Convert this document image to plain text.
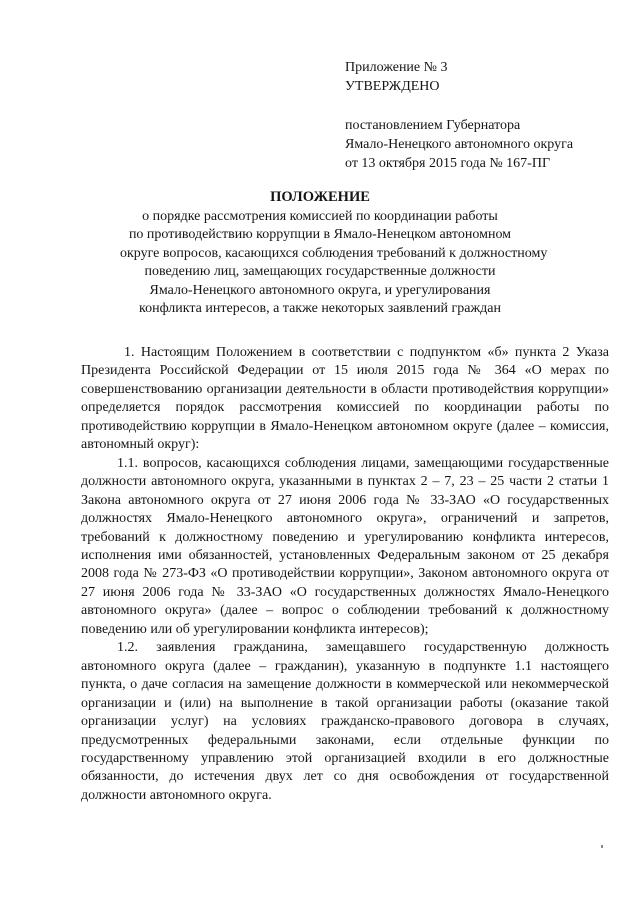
Приложение № 3
УТВЕРЖДЕНО
постановлением Губернатора
Ямало-Ненецкого автономного округа
от 13 октября 2015 года № 167-ПГ
ПОЛОЖЕНИЕ
о порядке рассмотрения комиссией по координации работы
по противодействию коррупции в Ямало-Ненецком автономном
округе вопросов, касающихся соблюдения требований к должностному
поведению лиц, замещающих государственные должности
Ямало-Ненецкого автономного округа, и урегулирования
конфликта интересов, а также некоторых заявлений граждан

1. Настоящим Положением в соответствии с подпунктом «б» пункта 2 Указа Президента Российской Федерации от 15 июля 2015 года № 364 «О мерах по совершенствованию организации деятельности в области противодействия коррупции» определяется порядок рассмотрения комиссией по координации работы по противодействию коррупции в Ямало-Ненецком автономном округе (далее – комиссия, автономный округ):

1.1. вопросов, касающихся соблюдения лицами, замещающими государственные должности автономного округа, указанными в пунктах 2 – 7, 23 – 25 части 2 статьи 1 Закона автономного округа от 27 июня 2006 года № 33-ЗАО «О государственных должностях Ямало-Ненецкого автономного округа», ограничений и запретов, требований к должностному поведению и урегулированию конфликта интересов, исполнения ими обязанностей, установленных Федеральным законом от 25 декабря 2008 года № 273-ФЗ «О противодействии коррупции», Законом автономного округа от 27 июня 2006 года № 33-ЗАО «О государственных должностях Ямало-Ненецкого автономного округа» (далее – вопрос о соблюдении требований к должностному поведению или об урегулировании конфликта интересов);

1.2. заявления гражданина, замещавшего государственную должность автономного округа (далее – гражданин), указанную в подпункте 1.1 настоящего пункта, о даче согласия на замещение должности в коммерческой или некоммерческой организации и (или) на выполнение в такой организации работы (оказание такой организации услуг) на условиях гражданско-правового договора в случаях, предусмотренных федеральными законами, если отдельные функции по государственному управлению этой организацией входили в его должностные обязанности, до истечения двух лет со дня освобождения от государственной должности автономного округа.
